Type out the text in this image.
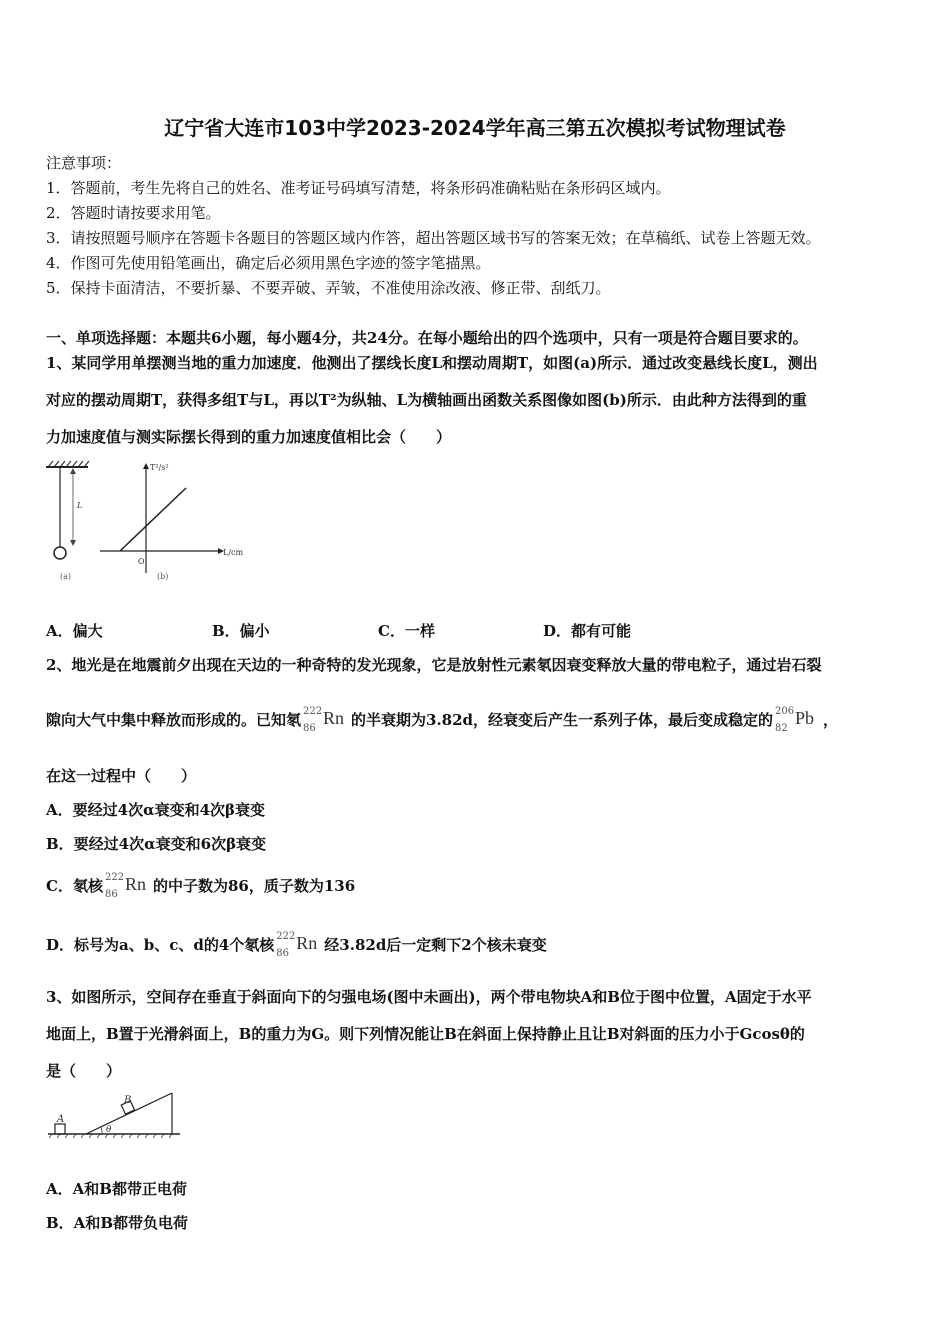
辽宁省大连市103中学2023-2024学年高三第五次模拟考试物理试卷
注意事项：
1．答题前，考生先将自己的姓名、准考证号码填写清楚，将条形码准确粘贴在条形码区域内。
2．答题时请按要求用笔。
3．请按照题号顺序在答题卡各题目的答题区域内作答，超出答题区域书写的答案无效；在草稿纸、试卷上答题无效。
4．作图可先使用铅笔画出，确定后必须用黑色字迹的签字笔描黑。
5．保持卡面清洁，不要折暴、不要弄破、弄皱，不准使用涂改液、修正带、刮纸刀。
一、单项选择题：本题共6小题，每小题4分，共24分。在每小题给出的四个选项中，只有一项是符合题目要求的。
1、某同学用单摆测当地的重力加速度．他测出了摆线长度L和摆动周期T，如图(a)所示．通过改变悬线长度L，测出
对应的摆动周期T，获得多组T与L，再以T²为纵轴、L为横轴画出函数关系图像如图(b)所示．由此种方法得到的重
力加速度值与测实际摆长得到的重力加速度值相比会（　　）
L
(a)
T²/s²
L/cm
O
(b)
A．偏大	B．偏小	C．一样	D．都有可能
2、地光是在地震前夕出现在天边的一种奇特的发光现象，它是放射性元素氡因衰变释放大量的带电粒子，通过岩石裂
隙向大气中集中释放而形成的。已知氡 222
86
Rn 的半衰期为3.82d，经衰变后产生一系列子体，最后变成稳定的 206
82
Pb ，
在这一过程中（　　）
A．要经过4次α衰变和4次β衰变
B．要经过4次α衰变和6次β衰变
C．氡核 222
86
Rn 的中子数为86，质子数为136
D．标号为a、b、c、d的4个氡核 222
86
Rn 经3.82d后一定剩下2个核未衰变
3、如图所示，空间存在垂直于斜面向下的匀强电场(图中未画出)，两个带电物块A和B位于图中位置，A固定于水平
地面上，B置于光滑斜面上，B的重力为G。则下列情况能让B在斜面上保持静止且让B对斜面的压力小于Gcosθ的
是（　　）
A
B
θ
A．A和B都带正电荷
B．A和B都带负电荷
